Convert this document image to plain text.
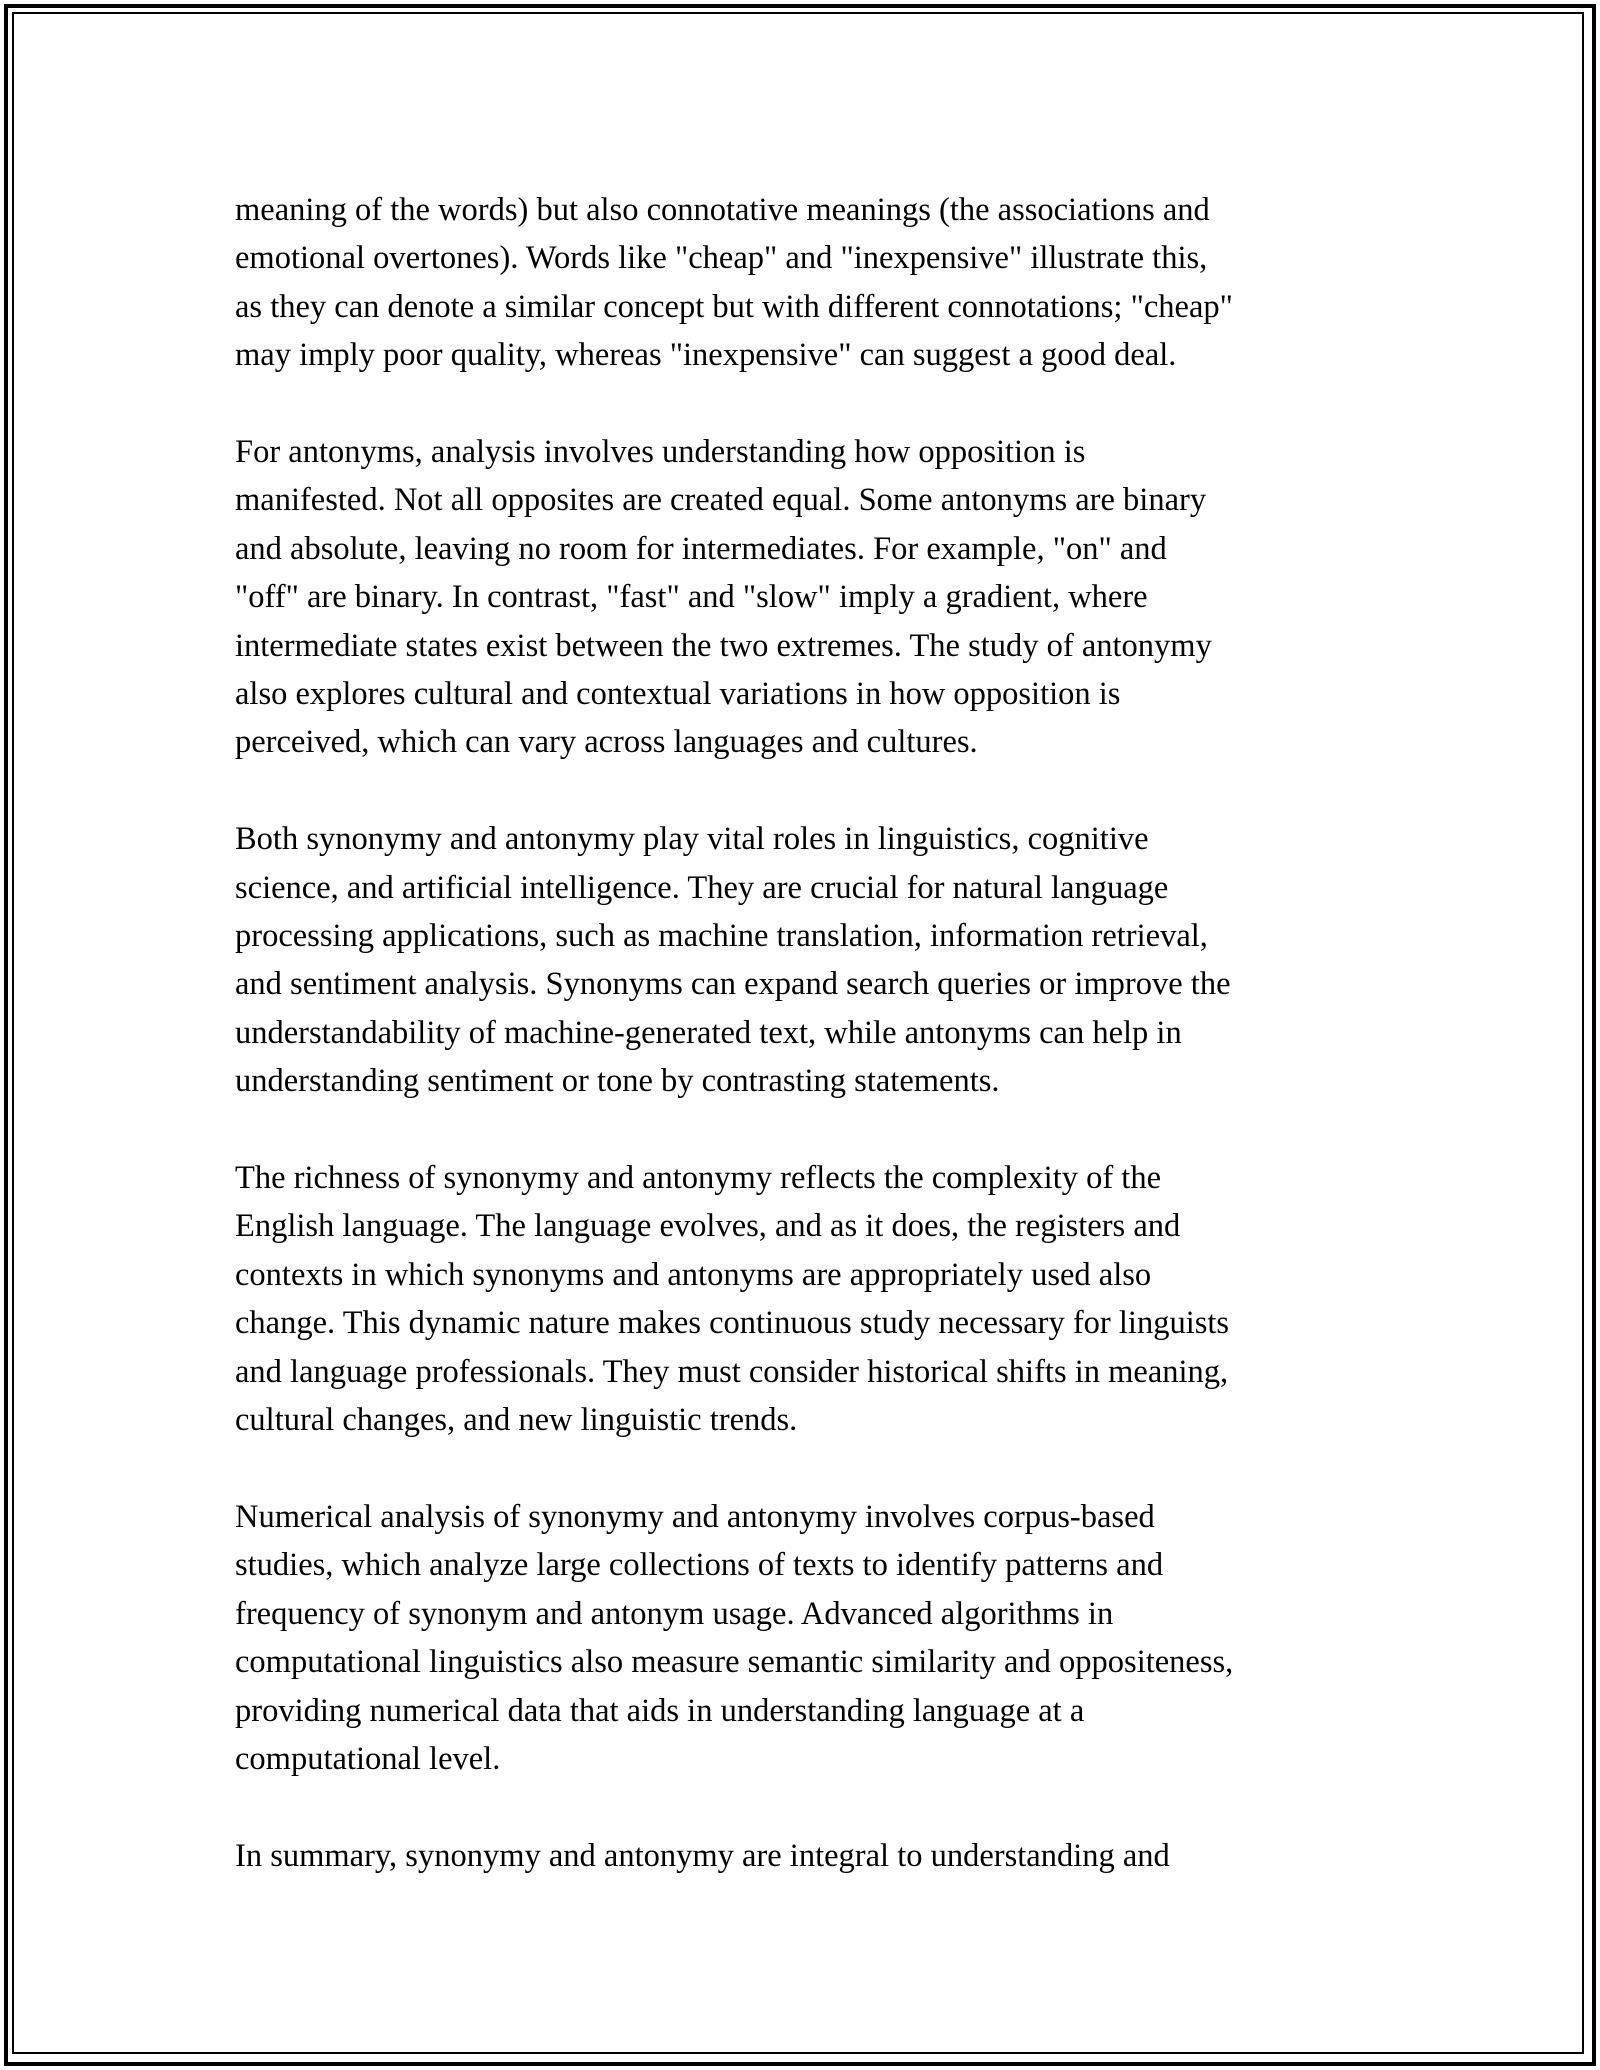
meaning of the words) but also connotative meanings (the associations and
emotional overtones). Words like "cheap" and "inexpensive" illustrate this,
as they can denote a similar concept but with different connotations; "cheap"
may imply poor quality, whereas "inexpensive" can suggest a good deal.

For antonyms, analysis involves understanding how opposition is
manifested. Not all opposites are created equal. Some antonyms are binary
and absolute, leaving no room for intermediates. For example, "on" and
"off" are binary. In contrast, "fast" and "slow" imply a gradient, where
intermediate states exist between the two extremes. The study of antonymy
also explores cultural and contextual variations in how opposition is
perceived, which can vary across languages and cultures.

Both synonymy and antonymy play vital roles in linguistics, cognitive
science, and artificial intelligence. They are crucial for natural language
processing applications, such as machine translation, information retrieval,
and sentiment analysis. Synonyms can expand search queries or improve the
understandability of machine-generated text, while antonyms can help in
understanding sentiment or tone by contrasting statements.

The richness of synonymy and antonymy reflects the complexity of the
English language. The language evolves, and as it does, the registers and
contexts in which synonyms and antonyms are appropriately used also
change. This dynamic nature makes continuous study necessary for linguists
and language professionals. They must consider historical shifts in meaning,
cultural changes, and new linguistic trends.

Numerical analysis of synonymy and antonymy involves corpus-based
studies, which analyze large collections of texts to identify patterns and
frequency of synonym and antonym usage. Advanced algorithms in
computational linguistics also measure semantic similarity and oppositeness,
providing numerical data that aids in understanding language at a
computational level.

In summary, synonymy and antonymy are integral to understanding and
